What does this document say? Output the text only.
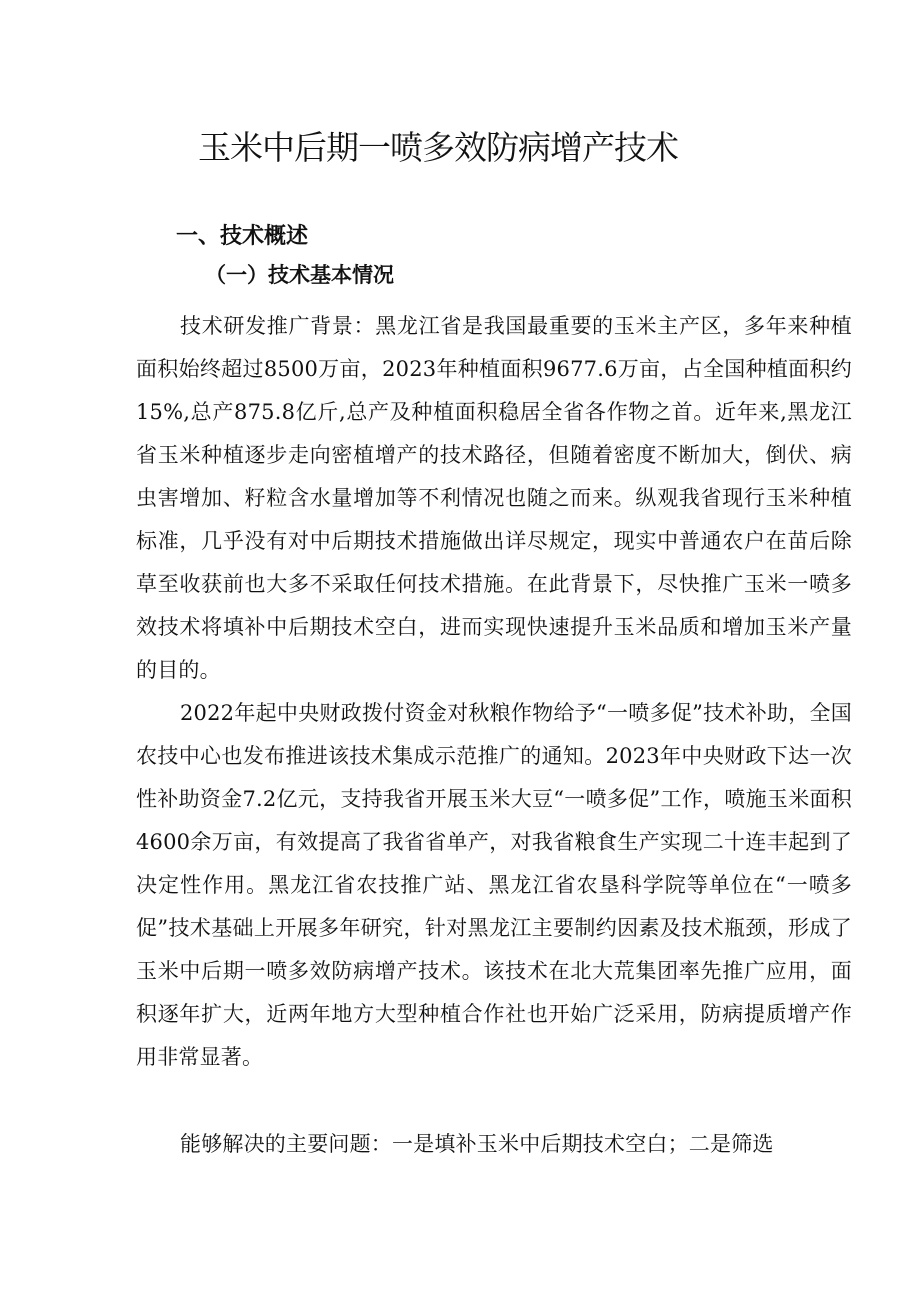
玉米中后期一喷多效防病增产技术
一、技术概述
（一）技术基本情况

技术研发推广背景：黑龙江省是我国最重要的玉米主产区，多年来种植面积始终超过8500万亩，2023年种植面积9677.6万亩，占全国种植面积约15%,总产875.8亿斤,总产及种植面积稳居全省各作物之首。近年来,黑龙江省玉米种植逐步走向密植增产的技术路径，但随着密度不断加大，倒伏、病虫害增加、籽粒含水量增加等不利情况也随之而来。纵观我省现行玉米种植标准，几乎没有对中后期技术措施做出详尽规定，现实中普通农户在苗后除草至收获前也大多不采取任何技术措施。在此背景下，尽快推广玉米一喷多效技术将填补中后期技术空白，进而实现快速提升玉米品质和增加玉米产量的目的。

2022年起中央财政拨付资金对秋粮作物给予“一喷多促”技术补助，全国农技中心也发布推进该技术集成示范推广的通知。2023年中央财政下达一次性补助资金7.2亿元，支持我省开展玉米大豆“一喷多促”工作，喷施玉米面积4600余万亩，有效提高了我省省单产，对我省粮食生产实现二十连丰起到了决定性作用。黑龙江省农技推广站、黑龙江省农垦科学院等单位在“一喷多促”技术基础上开展多年研究，针对黑龙江主要制约因素及技术瓶颈，形成了玉米中后期一喷多效防病增产技术。该技术在北大荒集团率先推广应用，面积逐年扩大，近两年地方大型种植合作社也开始广泛采用，防病提质增产作用非常显著。

能够解决的主要问题：一是填补玉米中后期技术空白；二是筛选
